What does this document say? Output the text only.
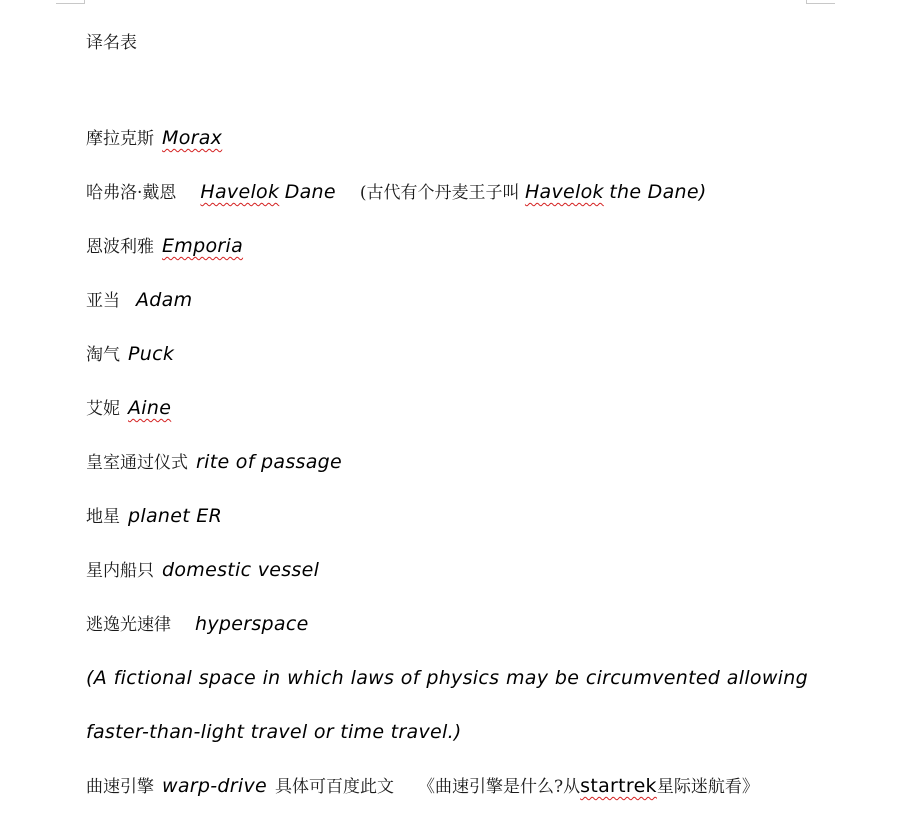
译名表
摩拉克斯 Morax
哈弗洛·戴恩 Havelok Dane (古代有个丹麦王子叫 Havelok the Dane)
恩波利雅 Emporia
亚当 Adam
淘气 Puck
艾妮 Aine
皇室通过仪式 rite of passage
地星 planet ER
星内船只 domestic vessel
逃逸光速律 hyperspace
(A fictional space in which laws of physics may be circumvented allowing
faster-than-light travel or time travel.)
曲速引擎 warp-drive 具体可百度此文 《曲速引擎是什么?从startrek星际迷航看》
